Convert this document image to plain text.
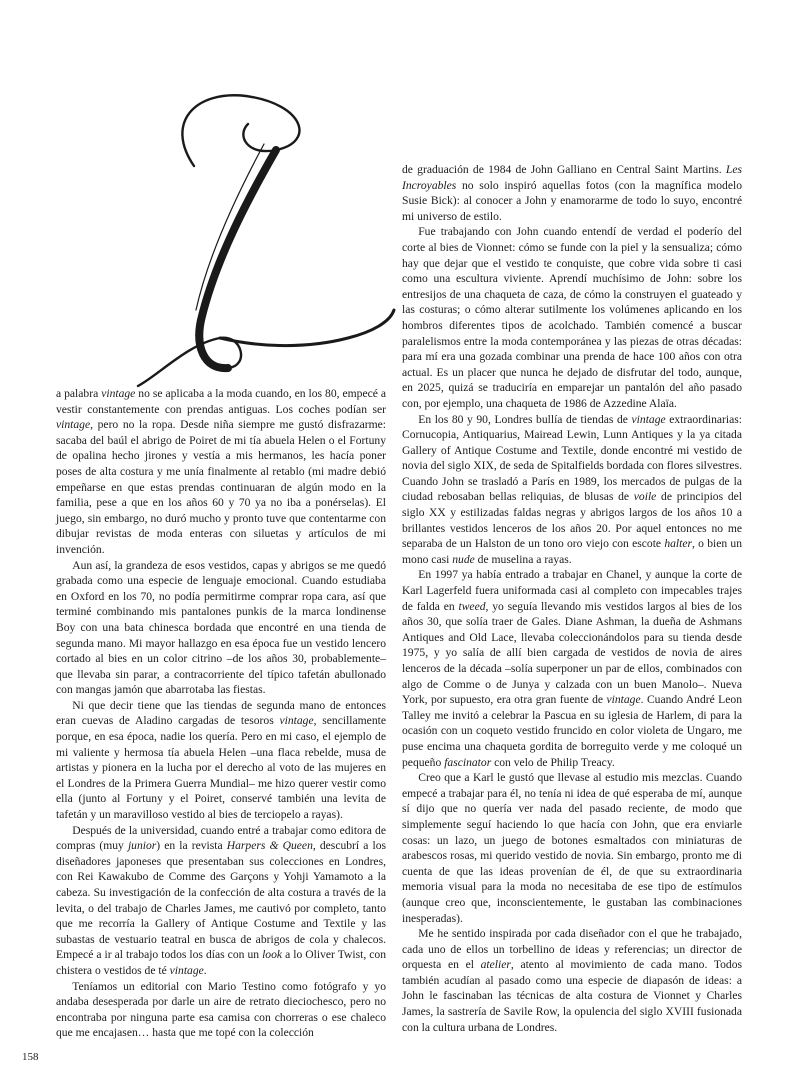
a palabra vintage no se aplicaba a la moda cuando, en los 80, empecé a vestir constantemente con prendas antiguas. Los coches podían ser vintage, pero no la ropa. Desde niña siempre me gustó disfrazarme: sacaba del baúl el abrigo de Poiret de mi tía abuela Helen o el Fortuny de opalina hecho jirones y vestía a mis hermanos, les hacía poner poses de alta costura y me unía finalmente al retablo (mi madre debió empeñarse en que estas prendas continuaran de algún modo en la familia, pese a que en los años 60 y 70 ya no iba a ponérselas). El juego, sin embargo, no duró mucho y pronto tuve que contentarme con dibujar revistas de moda enteras con siluetas y artículos de mi invención.

Aun así, la grandeza de esos vestidos, capas y abrigos se me quedó grabada como una especie de lenguaje emocional. Cuando estudiaba en Oxford en los 70, no podía permitirme comprar ropa cara, así que terminé combinando mis pantalones punkis de la marca londinense Boy con una bata chinesca bordada que encontré en una tienda de segunda mano. Mi mayor hallazgo en esa época fue un vestido lencero cortado al bies en un color citrino –de los años 30, probablemente– que llevaba sin parar, a contracorriente del típico tafetán abullonado con mangas jamón que abarrotaba las fiestas.

Ni que decir tiene que las tiendas de segunda mano de entonces eran cuevas de Aladino cargadas de tesoros vintage, sencillamente porque, en esa época, nadie los quería. Pero en mi caso, el ejemplo de mi valiente y hermosa tía abuela Helen –una flaca rebelde, musa de artistas y pionera en la lucha por el derecho al voto de las mujeres en el Londres de la Primera Guerra Mundial– me hizo querer vestir como ella (junto al Fortuny y el Poiret, conservé también una levita de tafetán y un maravilloso vestido al bies de terciopelo a rayas).

Después de la universidad, cuando entré a trabajar como editora de compras (muy junior) en la revista Harpers & Queen, descubrí a los diseñadores japoneses que presentaban sus colecciones en Londres, con Rei Kawakubo de Comme des Garçons y Yohji Yamamoto a la cabeza. Su investigación de la confección de alta costura a través de la levita, o del trabajo de Charles James, me cautivó por completo, tanto que me recorría la Gallery of Antique Costume and Textile y las subastas de vestuario teatral en busca de abrigos de cola y chalecos. Empecé a ir al trabajo todos los días con un look a lo Oliver Twist, con chistera o vestidos de té vintage.

Teníamos un editorial con Mario Testino como fotógrafo y yo andaba desesperada por darle un aire de retrato dieciochesco, pero no encontraba por ninguna parte esa camisa con chorreras o ese chaleco que me encajasen… hasta que me topé con la colección

de graduación de 1984 de John Galliano en Central Saint Martins. Les Incroyables no solo inspiró aquellas fotos (con la magnífica modelo Susie Bick): al conocer a John y enamorarme de todo lo suyo, encontré mi universo de estilo.

Fue trabajando con John cuando entendí de verdad el poderío del corte al bies de Vionnet: cómo se funde con la piel y la sensualiza; cómo hay que dejar que el vestido te conquiste, que cobre vida sobre ti casi como una escultura viviente. Aprendí muchísimo de John: sobre los entresijos de una chaqueta de caza, de cómo la construyen el guateado y las costuras; o cómo alterar sutilmente los volúmenes aplicando en los hombros diferentes tipos de acolchado. También comencé a buscar paralelismos entre la moda contemporánea y las piezas de otras décadas: para mí era una gozada combinar una prenda de hace 100 años con otra actual. Es un placer que nunca he dejado de disfrutar del todo, aunque, en 2025, quizá se traduciría en emparejar un pantalón del año pasado con, por ejemplo, una chaqueta de 1986 de Azzedine Alaïa.

En los 80 y 90, Londres bullía de tiendas de vintage extraordinarias: Cornucopia, Antiquarius, Mairead Lewin, Lunn Antiques y la ya citada Gallery of Antique Costume and Textile, donde encontré mi vestido de novia del siglo XIX, de seda de Spitalfields bordada con flores silvestres. Cuando John se trasladó a París en 1989, los mercados de pulgas de la ciudad rebosaban bellas reliquias, de blusas de voile de principios del siglo XX y estilizadas faldas negras y abrigos largos de los años 10 a brillantes vestidos lenceros de los años 20. Por aquel entonces no me separaba de un Halston de un tono oro viejo con escote halter, o bien un mono casi nude de muselina a rayas.

En 1997 ya había entrado a trabajar en Chanel, y aunque la corte de Karl Lagerfeld fuera uniformada casi al completo con impecables trajes de falda en tweed, yo seguía llevando mis vestidos largos al bies de los años 30, que solía traer de Gales. Diane Ashman, la dueña de Ashmans Antiques and Old Lace, llevaba coleccionándolos para su tienda desde 1975, y yo salía de allí bien cargada de vestidos de novia de aires lenceros de la década –solía superponer un par de ellos, combinados con algo de Comme o de Junya y calzada con un buen Manolo–. Nueva York, por supuesto, era otra gran fuente de vintage. Cuando André Leon Talley me invitó a celebrar la Pascua en su iglesia de Harlem, di para la ocasión con un coqueto vestido fruncido en color violeta de Ungaro, me puse encima una chaqueta gordita de borreguito verde y me coloqué un pequeño fascinator con velo de Philip Treacy.

Creo que a Karl le gustó que llevase al estudio mis mezclas. Cuando empecé a trabajar para él, no tenía ni idea de qué esperaba de mí, aunque sí dijo que no quería ver nada del pasado reciente, de modo que simplemente seguí haciendo lo que hacía con John, que era enviarle cosas: un lazo, un juego de botones esmaltados con miniaturas de arabescos rosas, mi querido vestido de novia. Sin embargo, pronto me di cuenta de que las ideas provenían de él, de que su extraordinaria memoria visual para la moda no necesitaba de ese tipo de estímulos (aunque creo que, inconscientemente, le gustaban las combinaciones inesperadas).

Me he sentido inspirada por cada diseñador con el que he trabajado, cada uno de ellos un torbellino de ideas y referencias; un director de orquesta en el atelier, atento al movimiento de cada mano. Todos también acudían al pasado como una especie de diapasón de ideas: a John le fascinaban las técnicas de alta costura de Vionnet y Charles James, la sastrería de Savile Row, la opulencia del siglo XVIII fusionada con la cultura urbana de Londres.

158
